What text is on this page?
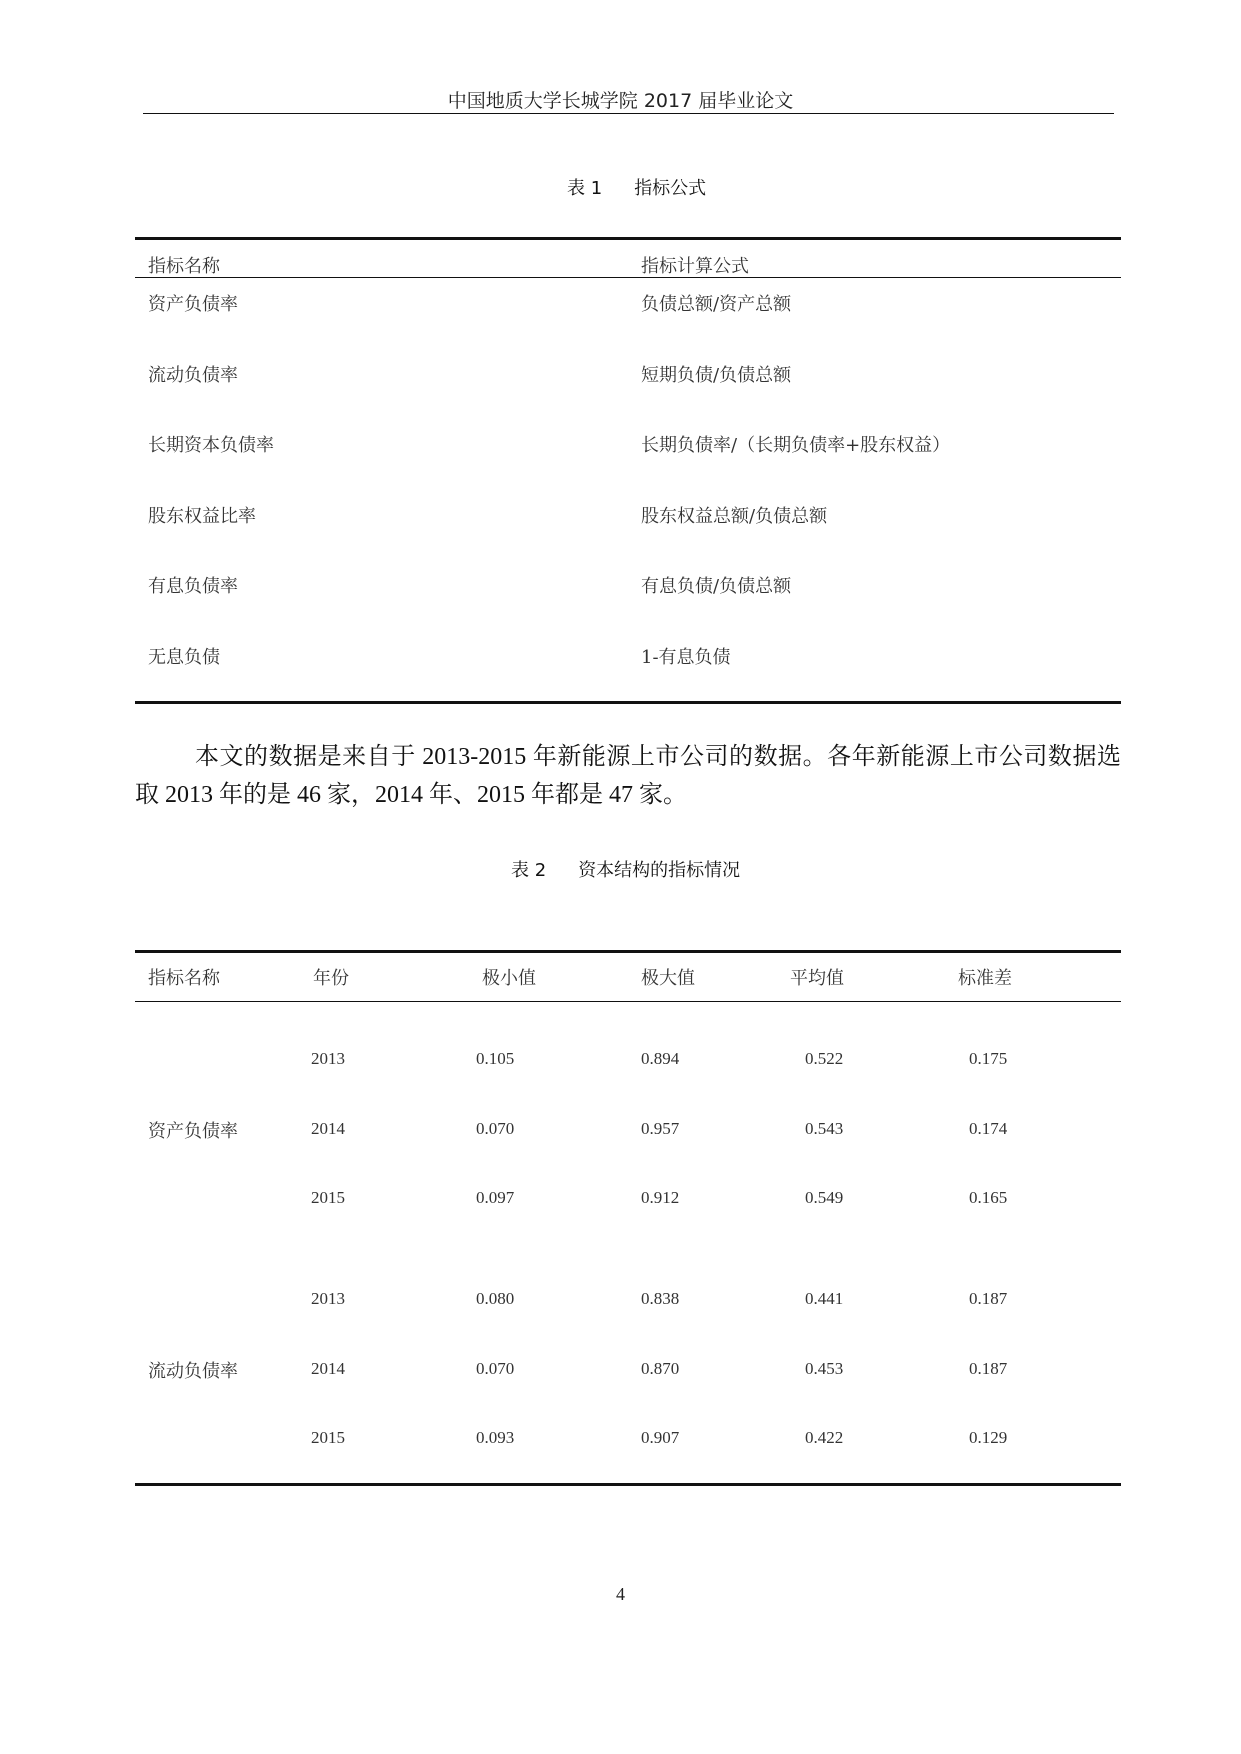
中国地质大学长城学院 2017 届毕业论文
表 1 指标公式
指标名称	指标计算公式
资产负债率	负债总额/资产总额
流动负债率	短期负债/负债总额
长期资本负债率	长期负债率/（长期负债率+股东权益）
股东权益比率	股东权益总额/负债总额
有息负债率	有息负债/负债总额
无息负债	1-有息负债
本文的数据是来自于 2013-2015 年新能源上市公司的数据。各年新能源上市公司数据选取 2013 年的是 46 家，2014 年、2015 年都是 47 家。
表 2 资本结构的指标情况
指标名称	年份	极小值	极大值	平均值	标准差
资产负债率
2013	0.105	0.894	0.522	0.175
2014	0.070	0.957	0.543	0.174
2015	0.097	0.912	0.549	0.165
流动负债率
2013	0.080	0.838	0.441	0.187
2014	0.070	0.870	0.453	0.187
2015	0.093	0.907	0.422	0.129
4
